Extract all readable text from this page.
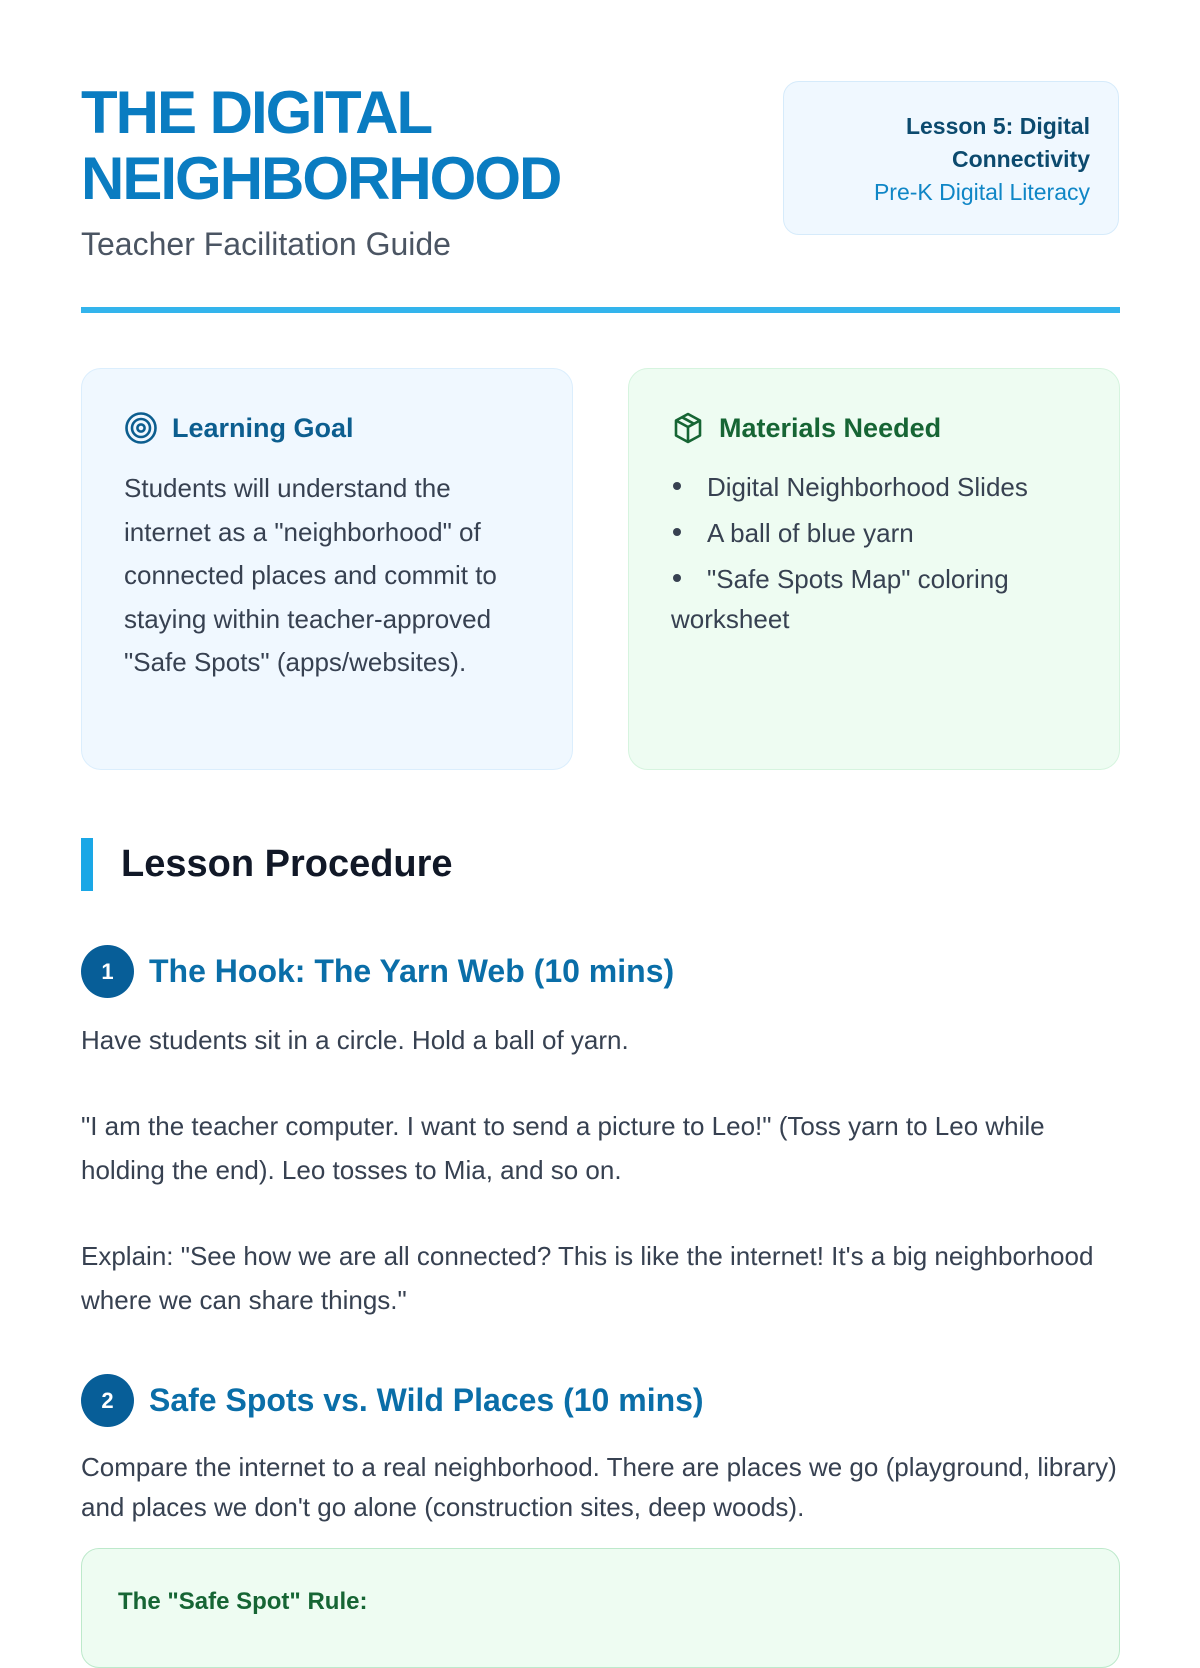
THE DIGITAL NEIGHBORHOOD
Teacher Facilitation Guide
Lesson 5: Digital Connectivity
Pre-K Digital Literacy
Learning Goal

Students will understand the internet as a "neighborhood" of connected places and commit to staying within teacher-approved "Safe Spots" (apps/websites).

Materials Needed
Digital Neighborhood Slides
A ball of blue yarn
"Safe Spots Map" coloring worksheet
Lesson Procedure
1	The Hook: The Yarn Web (10 mins)

Have students sit in a circle. Hold a ball of yarn.

"I am the teacher computer. I want to send a picture to Leo!" (Toss yarn to Leo while holding the end). Leo tosses to Mia, and so on.

Explain: "See how we are all connected? This is like the internet! It's a big neighborhood where we can share things."

2	Safe Spots vs. Wild Places (10 mins)

Compare the internet to a real neighborhood. There are places we go (playground, library) and places we don't go alone (construction sites, deep woods).

The "Safe Spot" Rule:
